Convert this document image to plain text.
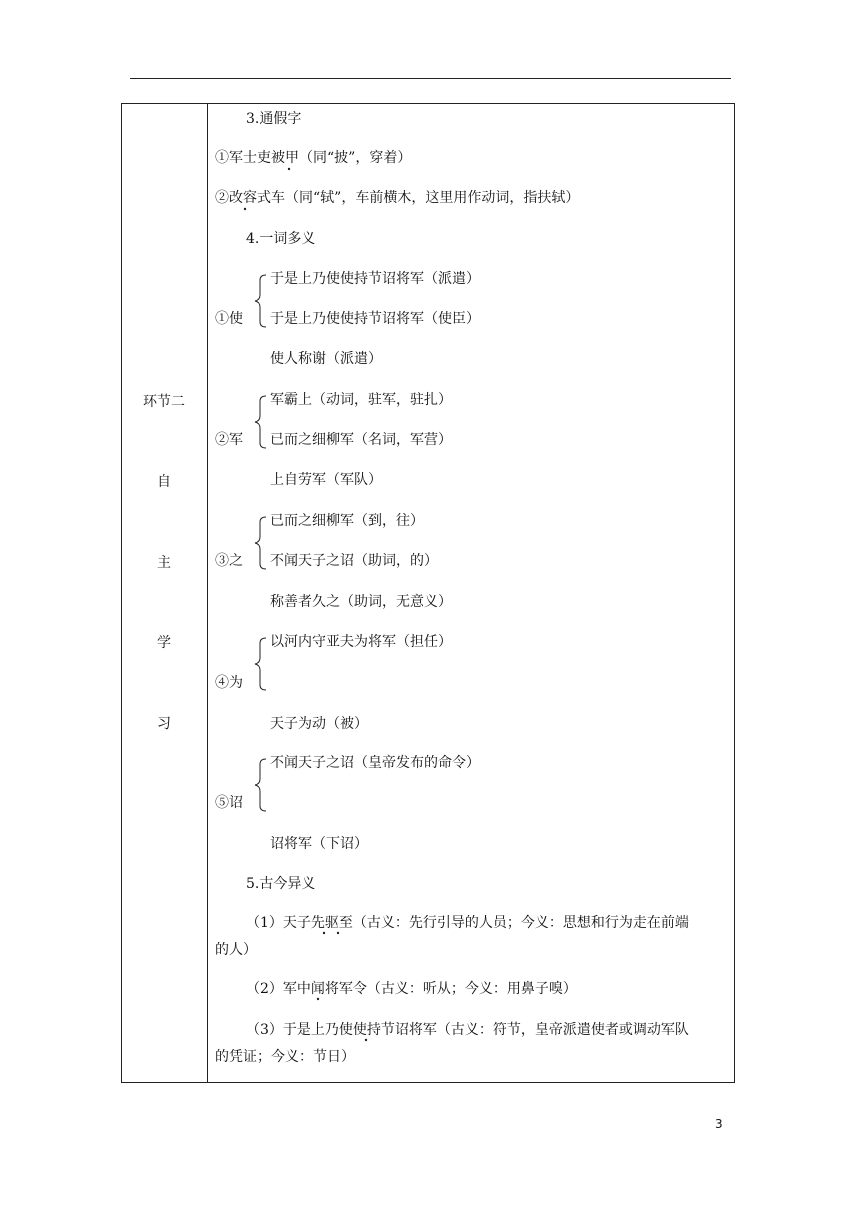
环节二
自
主
学
习
3.通假字
①军士吏被甲（同“披”，穿着）
②改容式车（同“轼”，车前横木，这里用作动词，指扶轼）
4.一词多义
于是上乃使使持节诏将军（派遣）
①使 于是上乃使使持节诏将军（使臣）
使人称谢（派遣）
军霸上（动词，驻军，驻扎）
②军 已而之细柳军（名词，军营）
上自劳军（军队）
已而之细柳军（到，往）
③之 不闻天子之诏（助词，的）
称善者久之（助词，无意义）
以河内守亚夫为将军（担任）
④为
天子为动（被）
不闻天子之诏（皇帝发布的命令）
⑤诏
诏将军（下诏）
5.古今异义
（1）天子先驱至（古义：先行引导的人员；今义：思想和行为走在前端
的人）
（2）军中闻将军令（古义：听从；今义：用鼻子嗅）
（3）于是上乃使使持节诏将军（古义：符节，皇帝派遣使者或调动军队
的凭证；今义：节日）
3
